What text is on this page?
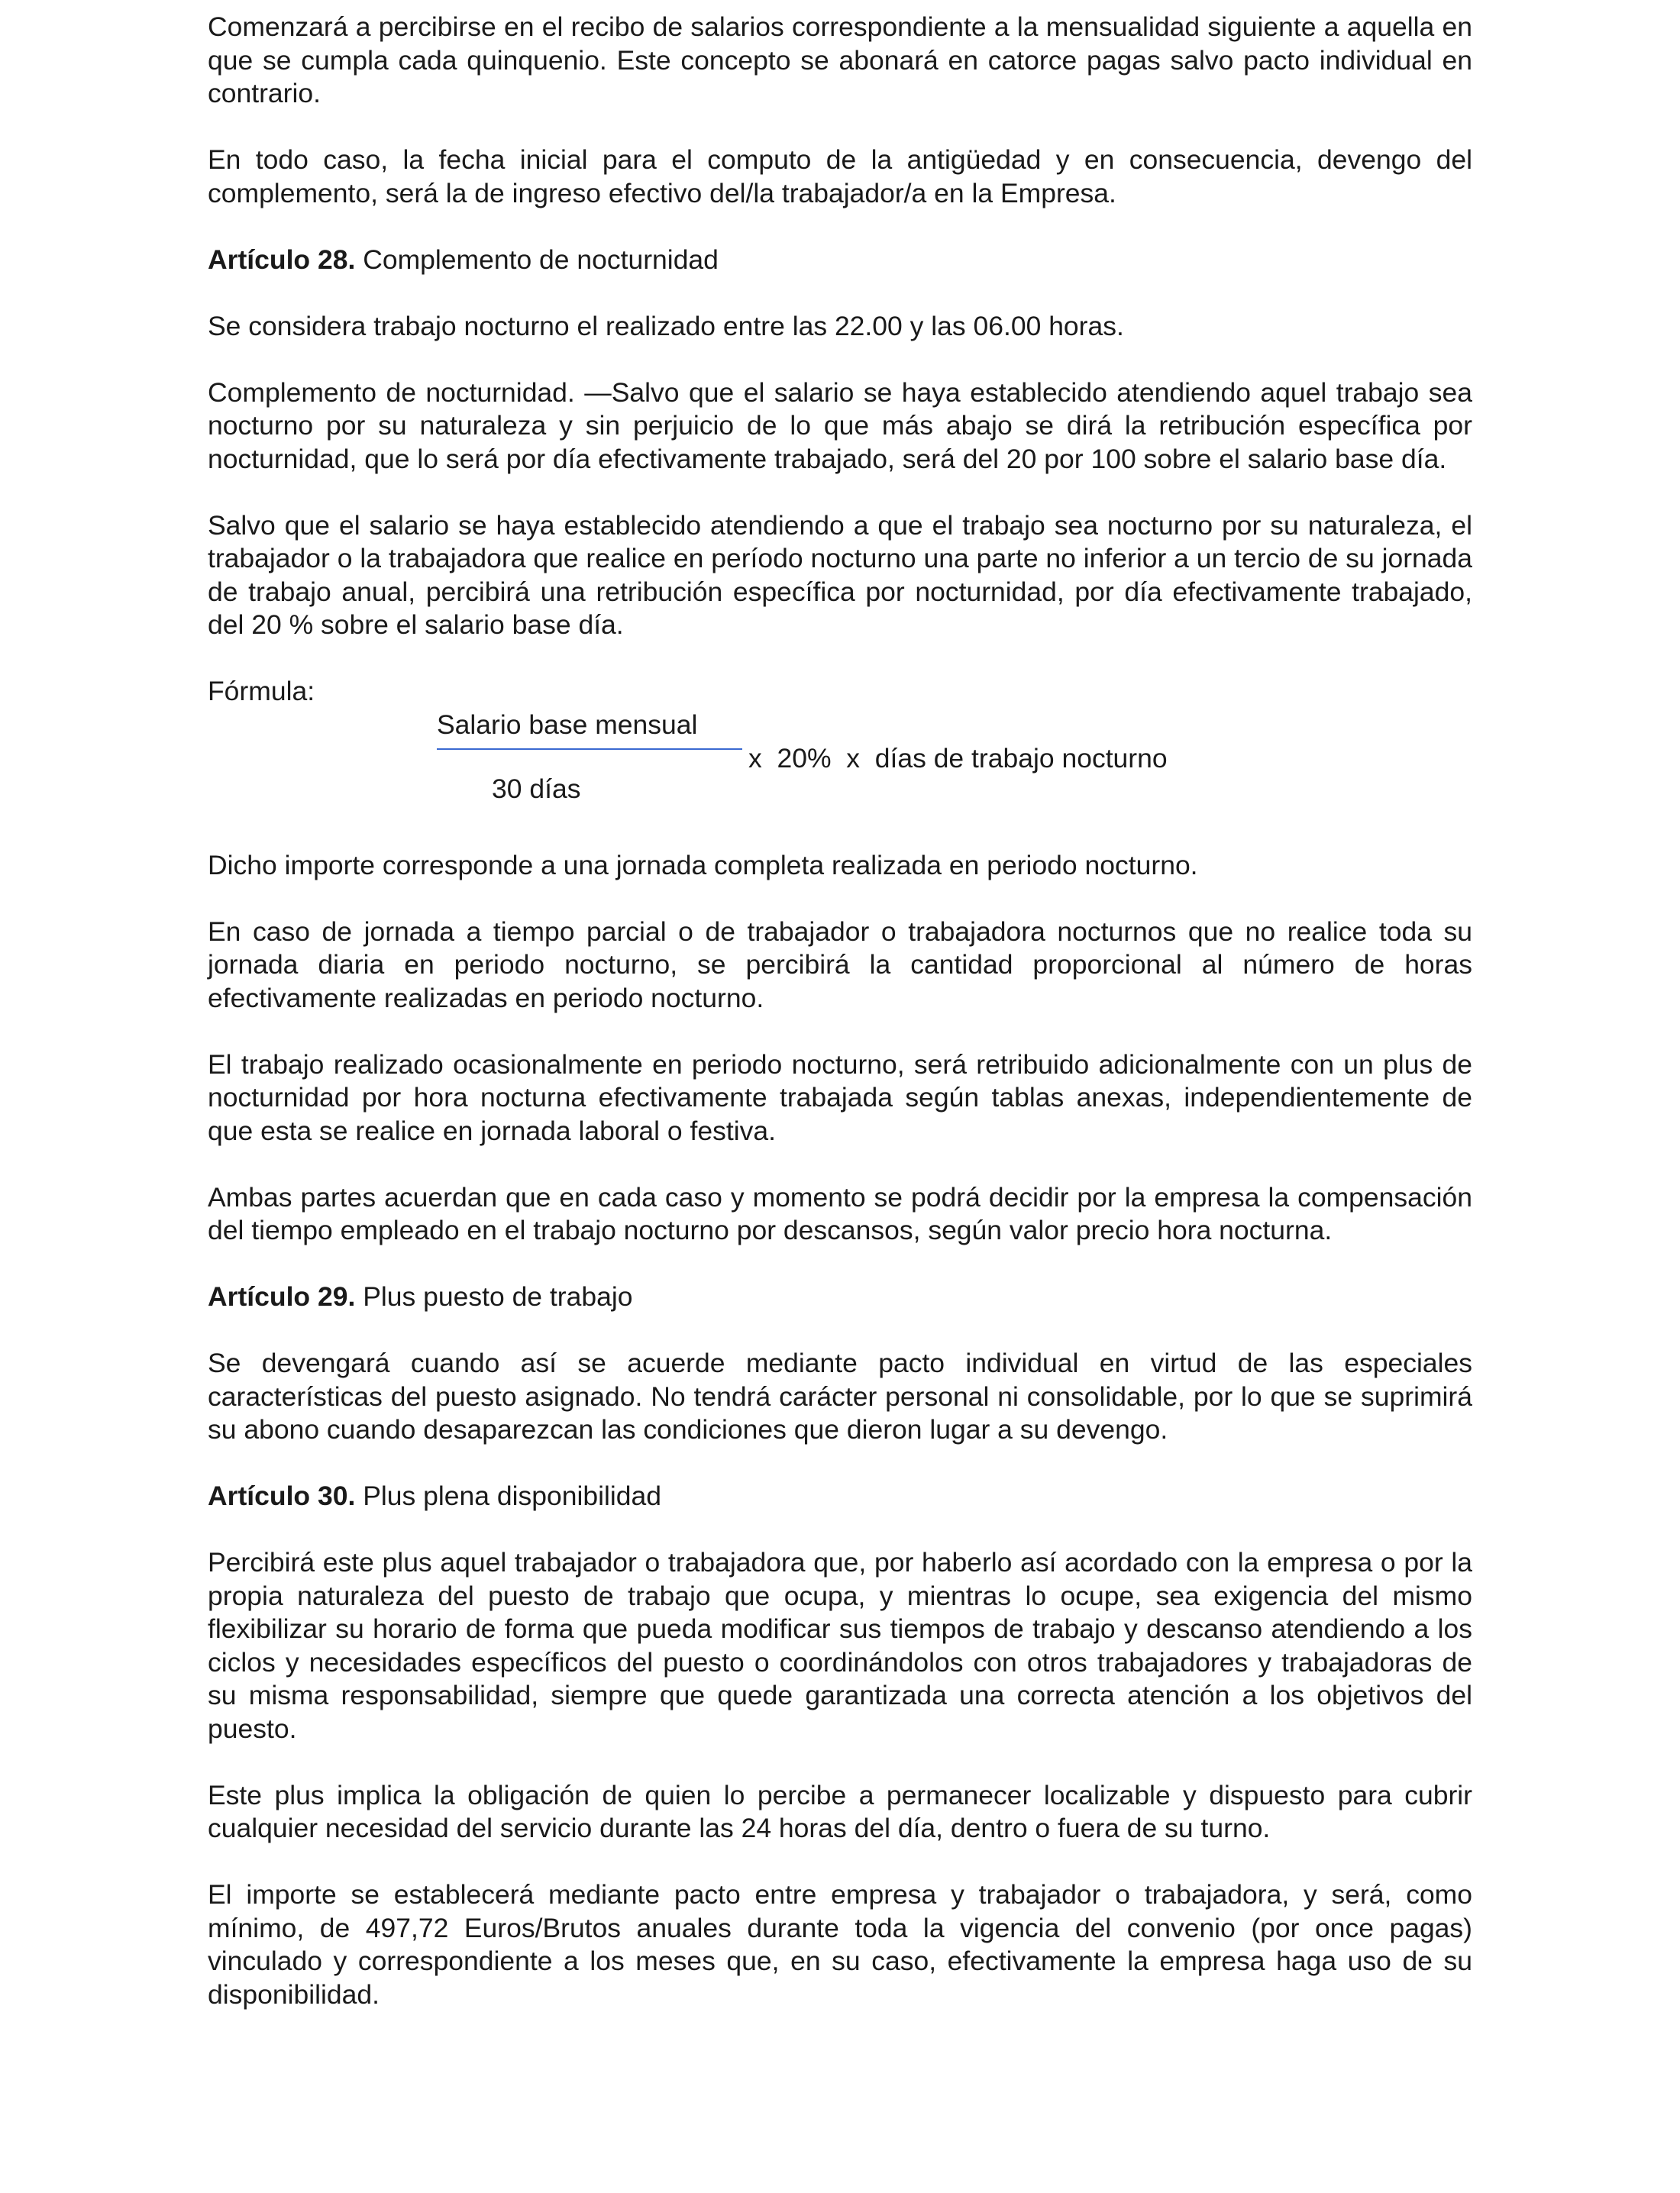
Comenzará a percibirse en el recibo de salarios correspondiente a la mensualidad siguiente a aquella en que se cumpla cada quinquenio. Este concepto se abonará en catorce pagas salvo pacto individual en contrario.

En todo caso, la fecha inicial para el computo de la antigüedad y en consecuencia, devengo del complemento, será la de ingreso efectivo del/la trabajador/a en la Empresa.

Artículo 28. Complemento de nocturnidad

Se considera trabajo nocturno el realizado entre las 22.00 y las 06.00 horas.

Complemento de nocturnidad. —Salvo que el salario se haya establecido atendiendo aquel trabajo sea nocturno por su naturaleza y sin perjuicio de lo que más abajo se dirá la retribución específica por nocturnidad, que lo será por día efectivamente trabajado, será del 20 por 100 sobre el salario base día.

Salvo que el salario se haya establecido atendiendo a que el trabajo sea nocturno por su naturaleza, el trabajador o la trabajadora que realice en período nocturno una parte no inferior a un tercio de su jornada de trabajo anual, percibirá una retribución específica por nocturnidad, por día efectivamente trabajado, del 20 % sobre el salario base día.

Fórmula:

Salario base mensual
30 días
x  20%  x  días de trabajo nocturno

Dicho importe corresponde a una jornada completa realizada en periodo nocturno.

En caso de jornada a tiempo parcial o de trabajador o trabajadora nocturnos que no realice toda su jornada diaria en periodo nocturno, se percibirá la cantidad proporcional al número de horas efectivamente realizadas en periodo nocturno.

El trabajo realizado ocasionalmente en periodo nocturno, será retribuido adicionalmente con un plus de nocturnidad por hora nocturna efectivamente trabajada según tablas anexas, independientemente de que esta se realice en jornada laboral o festiva.

Ambas partes acuerdan que en cada caso y momento se podrá decidir por la empresa la compensación del tiempo empleado en el trabajo nocturno por descansos, según valor precio hora nocturna.

Artículo 29. Plus puesto de trabajo

Se devengará cuando así se acuerde mediante pacto individual en virtud de las especiales características del puesto asignado. No tendrá carácter personal ni consolidable, por lo que se suprimirá su abono cuando desaparezcan las condiciones que dieron lugar a su devengo.

Artículo 30. Plus plena disponibilidad

Percibirá este plus aquel trabajador o trabajadora que, por haberlo así acordado con la empresa o por la propia naturaleza del puesto de trabajo que ocupa, y mientras lo ocupe, sea exigencia del mismo flexibilizar su horario de forma que pueda modificar sus tiempos de trabajo y descanso atendiendo a los ciclos y necesidades específicos del puesto o coordinándolos con otros trabajadores y trabajadoras de su misma responsabilidad, siempre que quede garantizada una correcta atención a los objetivos del puesto.

Este plus implica la obligación de quien lo percibe a permanecer localizable y dispuesto para cubrir cualquier necesidad del servicio durante las 24 horas del día, dentro o fuera de su turno.

El importe se establecerá mediante pacto entre empresa y trabajador o trabajadora, y será, como mínimo, de 497,72 Euros/Brutos anuales durante toda la vigencia del convenio (por once pagas) vinculado y correspondiente a los meses que, en su caso, efectivamente la empresa haga uso de su disponibilidad.
